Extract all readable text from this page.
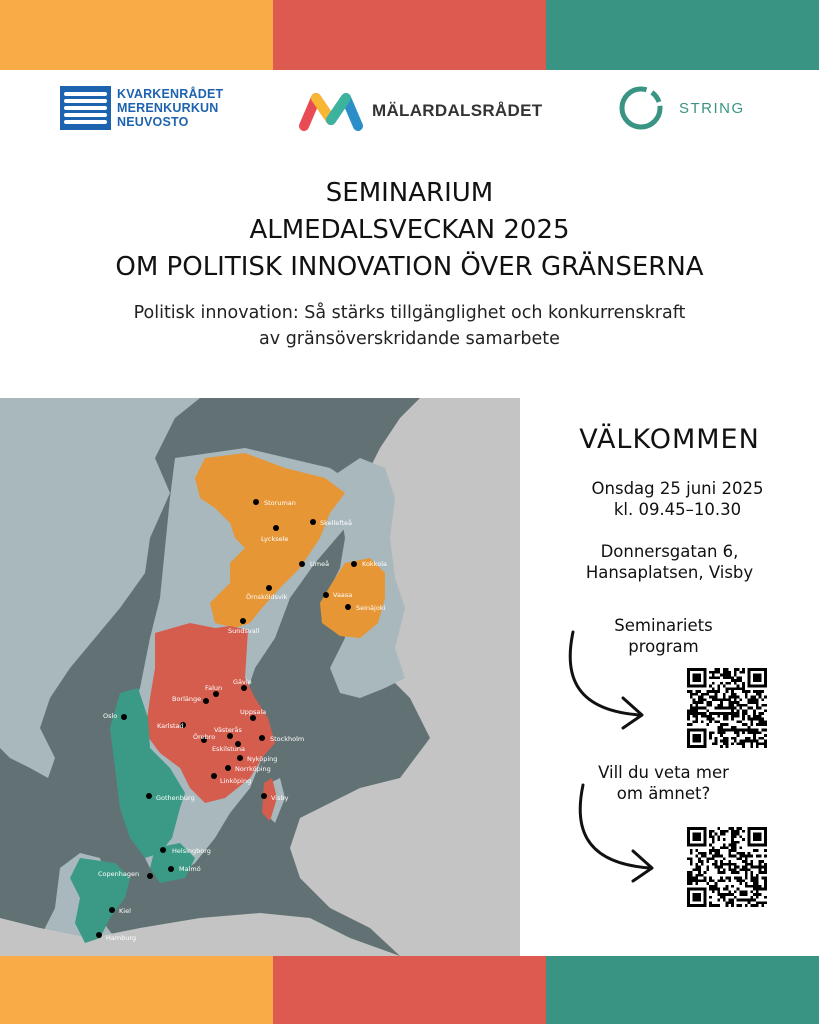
KVARKENRÅDET
MERENKURKUN
NEUVOSTO
MÄLARDALSRÅDET	STRING
SEMINARIUM
ALMEDALSVECKAN 2025
OM POLITISK INNOVATION ÖVER GRÄNSERNA
Politisk innovation: Så stärks tillgänglighet och konkurrenskraft
av gränsöverskridande samarbete
Storuman
Skellefteå
Lycksele
Umeå	Kokkola
Örnsköldsvik	Vaasa
Seinäjoki
Sundsvall
Falun
Gävle
Borlänge
Uppsala
Oslo
Karlstad	Västerås
Örebro
Eskilstuna
Stockholm
Nyköping
Norrköping
Linköping
Gothenburg	Visby
Helsingborg
Copenhagen
Malmö
Kiel
Hamburg
VÄLKOMMEN
Onsdag 25 juni 2025
kl. 09.45–10.30
Donnersgatan 6,
Hansaplatsen, Visby
Seminariets
program
Vill du veta mer
om ämnet?
